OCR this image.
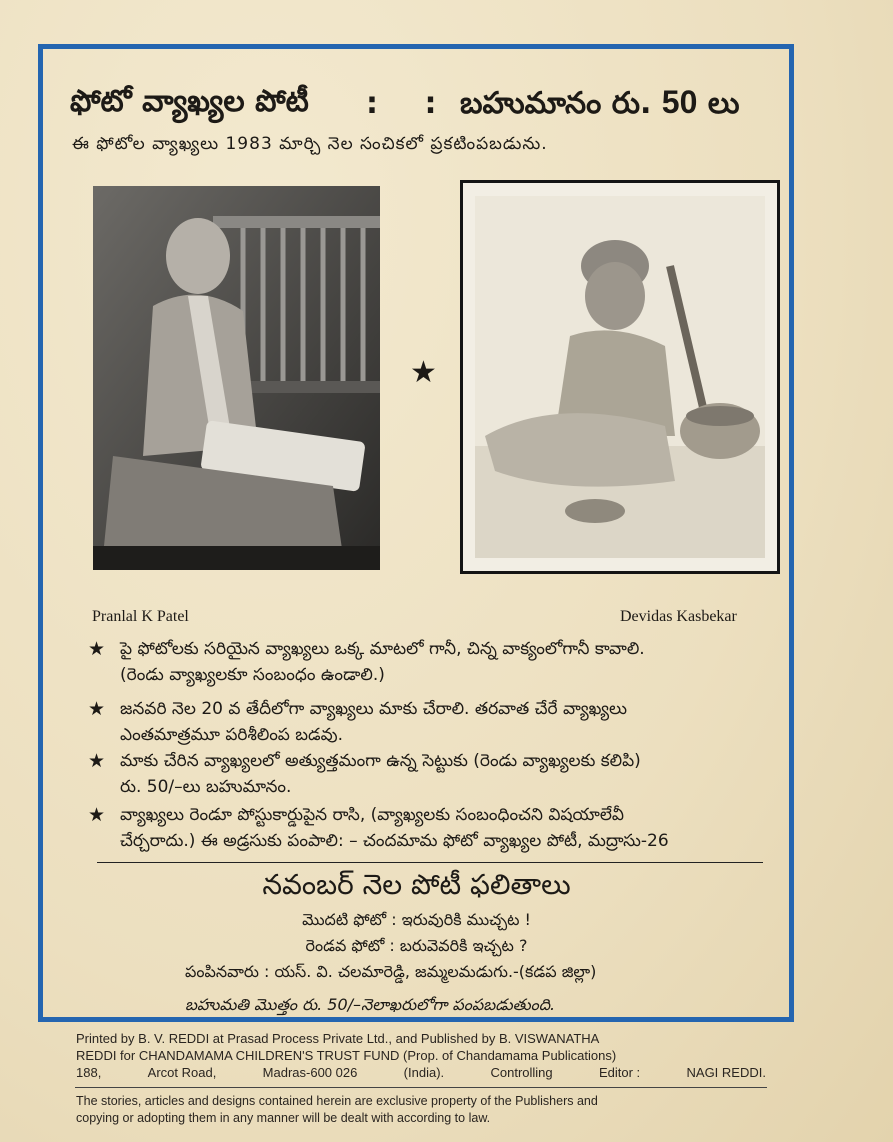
ఫోటో వ్యాఖ్యల పోటీ : : బహుమానం రు. 50 లు
ఈ ఫోటోల వ్యాఖ్యలు 1983 మార్చి నెల సంచికలో ప్రకటింపబడును.
★
Pranlal K Patel	Devidas Kasbekar
★ పై ఫోటోలకు సరియైన వ్యాఖ్యలు ఒక్క మాటలో గానీ, చిన్న వాక్యంలోగానీ కావాలి.
(రెండు వ్యాఖ్యలకూ సంబంధం ఉండాలి.)
★ జనవరి నెల 20 వ తేదీలోగా వ్యాఖ్యలు మాకు చేరాలి. తరవాత చేరే వ్యాఖ్యలు
ఎంతమాత్రమూ పరిశీలింప బడవు.
★ మాకు చేరిన వ్యాఖ్యలలో అత్యుత్తమంగా ఉన్న సెట్టుకు (రెండు వ్యాఖ్యలకు కలిపి)
రు. 50/–లు బహుమానం.
★ వ్యాఖ్యలు రెండూ పోస్టుకార్డుపైన రాసి, (వ్యాఖ్యలకు సంబంధించని విషయాలేవీ
చేర్చరాదు.) ఈ అడ్రసుకు పంపాలి: – చందమామ ఫోటో వ్యాఖ్యల పోటీ, మద్రాసు-26
నవంబర్ నెల పోటీ ఫలితాలు
మొదటి ఫోటో : ఇరువురికి ముచ్చట !
రెండవ ఫోటో : బరువెవరికి ఇచ్చట ?
పంపినవారు : యస్. వి. చలమారెడ్డి, జమ్మలమడుగు.-(కడప జిల్లా)
బహుమతి మొత్తం రు. 50/–నెలాఖరులోగా పంపబడుతుంది.
Printed by B. V. REDDI at Prasad Process Private Ltd., and Published by B. VISWANATHA
REDDI for CHANDAMAMA CHILDREN'S TRUST FUND (Prop. of Chandamama Publications)
188,	Arcot Road,	Madras-600 026	(India).	Controlling	Editor :	NAGI REDDI.
The stories, articles and designs contained herein are exclusive property of the Publishers and
copying or adopting them in any manner will be dealt with according to law.
